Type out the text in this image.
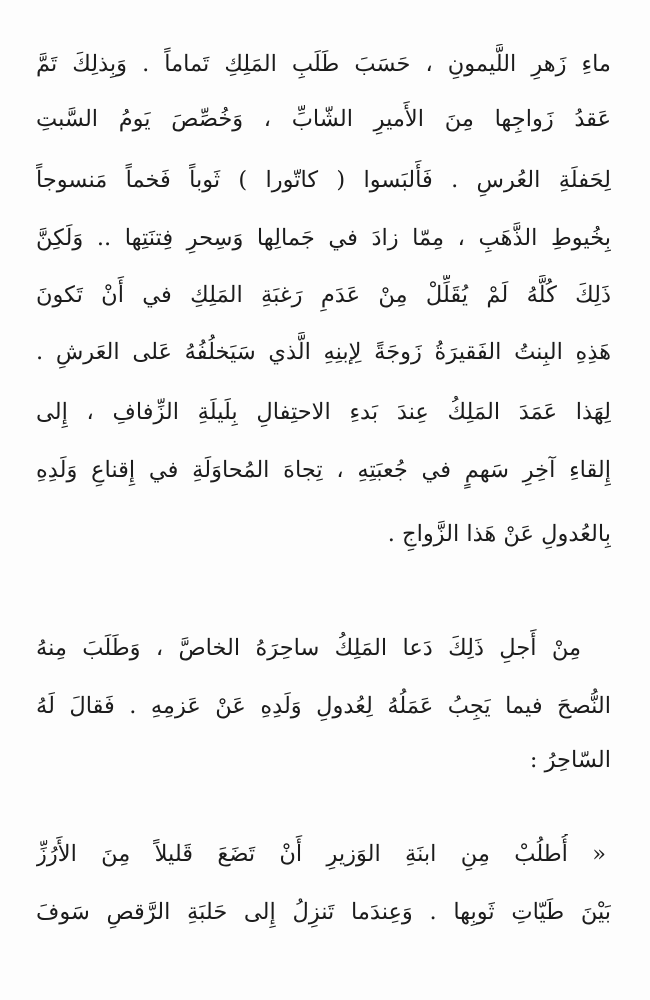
ماءِ زَهرِ اللَّيمونِ ، حَسَبَ طَلَبِ المَلِكِ تَماماً . وَبِذلِكَ تَمَّ
عَقدُ زَواجِها مِنَ الأَميرِ الشّابِّ ، وَخُصِّصَ يَومُ السَّبتِ
لِحَفلَةِ العُرسِ . فَأَلبَسوا ( كاتّورا ) ثَوباً فَخماً مَنسوجاً
بِخُيوطِ الذَّهَبِ ، مِمّا زادَ في جَمالِها وَسِحرِ فِتنَتِها .. وَلَكِنَّ
ذَلِكَ كُلَّهُ لَمْ يُقَلِّلْ مِنْ عَدَمِ رَغبَةِ المَلِكِ في أَنْ تَكونَ
هَذِهِ البِنتُ الفَقيرَةُ زَوجَةً لِإبنِهِ الَّذي سَيَخلُفُهُ عَلى العَرشِ .
لِهَذا عَمَدَ المَلِكُ عِندَ بَدءِ الاحتِفالِ بِلَيلَةِ الزِّفافِ ، إِلى
إِلقاءِ آخِرِ سَهمٍ في جُعبَتِهِ ، تِجاهَ المُحاوَلَةِ في إِقناعِ وَلَدِهِ
بِالعُدولِ عَنْ هَذا الزَّواجِ .
مِنْ أَجلِ ذَلِكَ دَعا المَلِكُ ساحِرَهُ الخاصَّ ، وَطَلَبَ مِنهُ
النُّصحَ فيما يَجِبُ عَمَلُهُ لِعُدولِ وَلَدِهِ عَنْ عَزمِهِ . فَقالَ لَهُ
السّاحِرُ :
« أُطلُبْ مِنِ ابنَةِ الوَزيرِ أَنْ تَضَعَ قَليلاً مِنَ الأَرُزِّ
بَيْنَ طَيّاتِ ثَوبِها . وَعِندَما تَنزِلُ إِلى حَلبَةِ الرَّقصِ سَوفَ
